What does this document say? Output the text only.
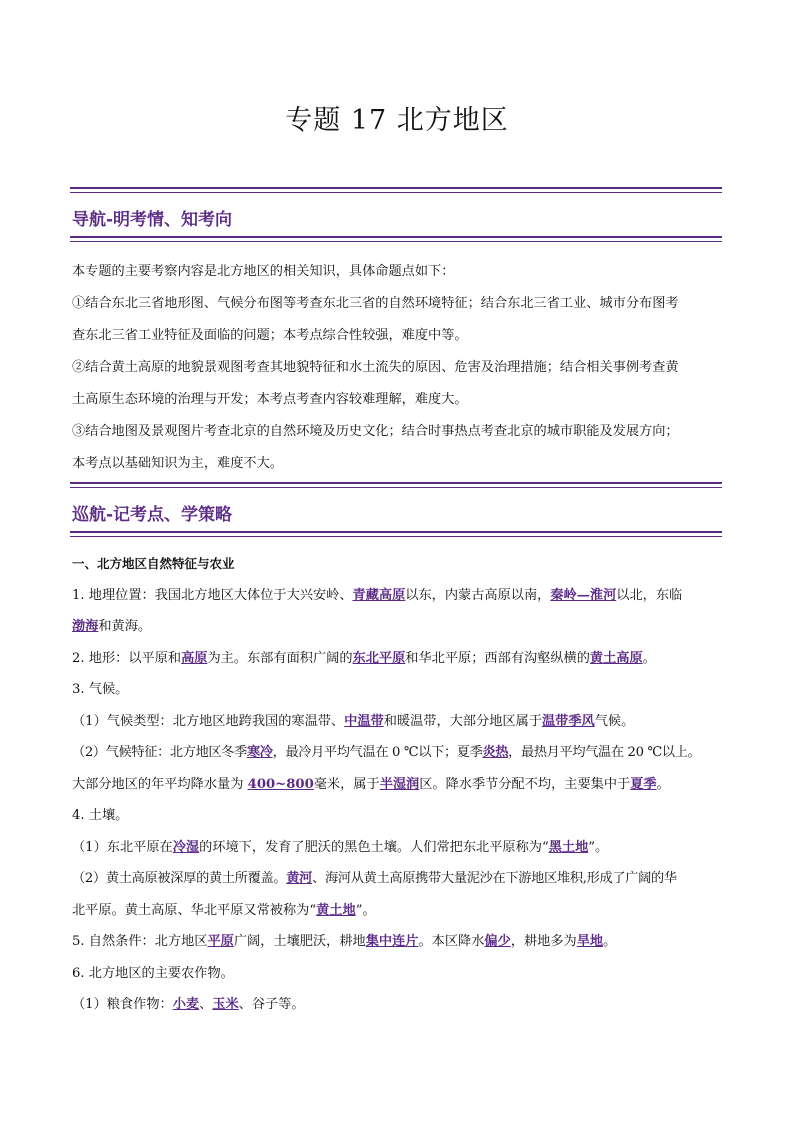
专题 17 北方地区
导航-明考情、知考向

本专题的主要考察内容是北方地区的相关知识，具体命题点如下：

①结合东北三省地形图、气候分布图等考查东北三省的自然环境特征；结合东北三省工业、城市分布图考

查东北三省工业特征及面临的问题；本考点综合性较强，难度中等。

②结合黄土高原的地貌景观图考查其地貌特征和水土流失的原因、危害及治理措施；结合相关事例考查黄

土高原生态环境的治理与开发；本考点考查内容较难理解，难度大。

③结合地图及景观图片考查北京的自然环境及历史文化；结合时事热点考查北京的城市职能及发展方向；

本考点以基础知识为主，难度不大。

巡航-记考点、学策略

一、北方地区自然特征与农业

1. 地理位置：我国北方地区大体位于大兴安岭、青藏高原以东，内蒙古高原以南，秦岭—淮河以北，东临

渤海和黄海。

2. 地形：以平原和高原为主。东部有面积广阔的东北平原和华北平原；西部有沟壑纵横的黄土高原。

3. 气候。

（1）气候类型：北方地区地跨我国的寒温带、中温带和暖温带，大部分地区属于温带季风气候。

（2）气候特征：北方地区冬季寒冷，最冷月平均气温在 0 ℃以下；夏季炎热，最热月平均气温在 20 ℃以上。

大部分地区的年平均降水量为 400~800毫米，属于半湿润区。降水季节分配不均，主要集中于夏季。

4. 土壤。

（1）东北平原在冷湿的环境下，发育了肥沃的黑色土壤。人们常把东北平原称为“黑土地”。

（2）黄土高原被深厚的黄土所覆盖。黄河、海河从黄土高原携带大量泥沙在下游地区堆积,形成了广阔的华

北平原。黄土高原、华北平原又常被称为“黄土地”。

5. 自然条件：北方地区平原广阔，土壤肥沃，耕地集中连片。本区降水偏少，耕地多为旱地。

6. 北方地区的主要农作物。

（1）粮食作物：小麦、玉米、谷子等。
